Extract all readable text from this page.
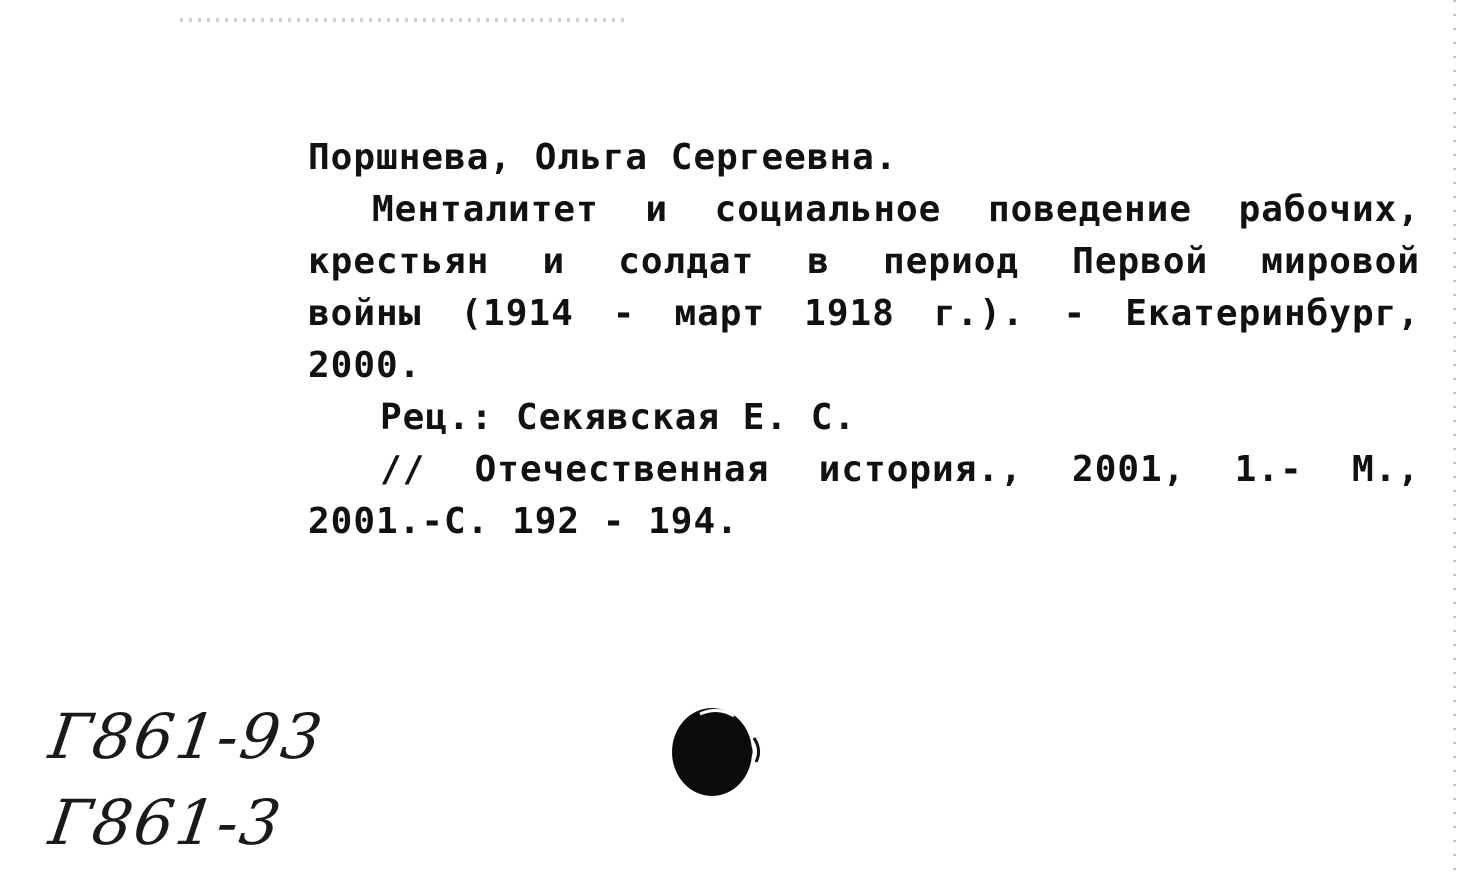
Поршнева, Ольга Сергеевна.
Менталитет и социальное поведение рабочих,
крестьян и солдат в период Первой мировой
войны (1914 - март 1918 г.). - Екатеринбург,
2000.
Рец.: Секявская Е. С.
// Отечественная история., 2001, 1.- М.,
2001.-С. 192 - 194.
Г861-93
Г861-3
